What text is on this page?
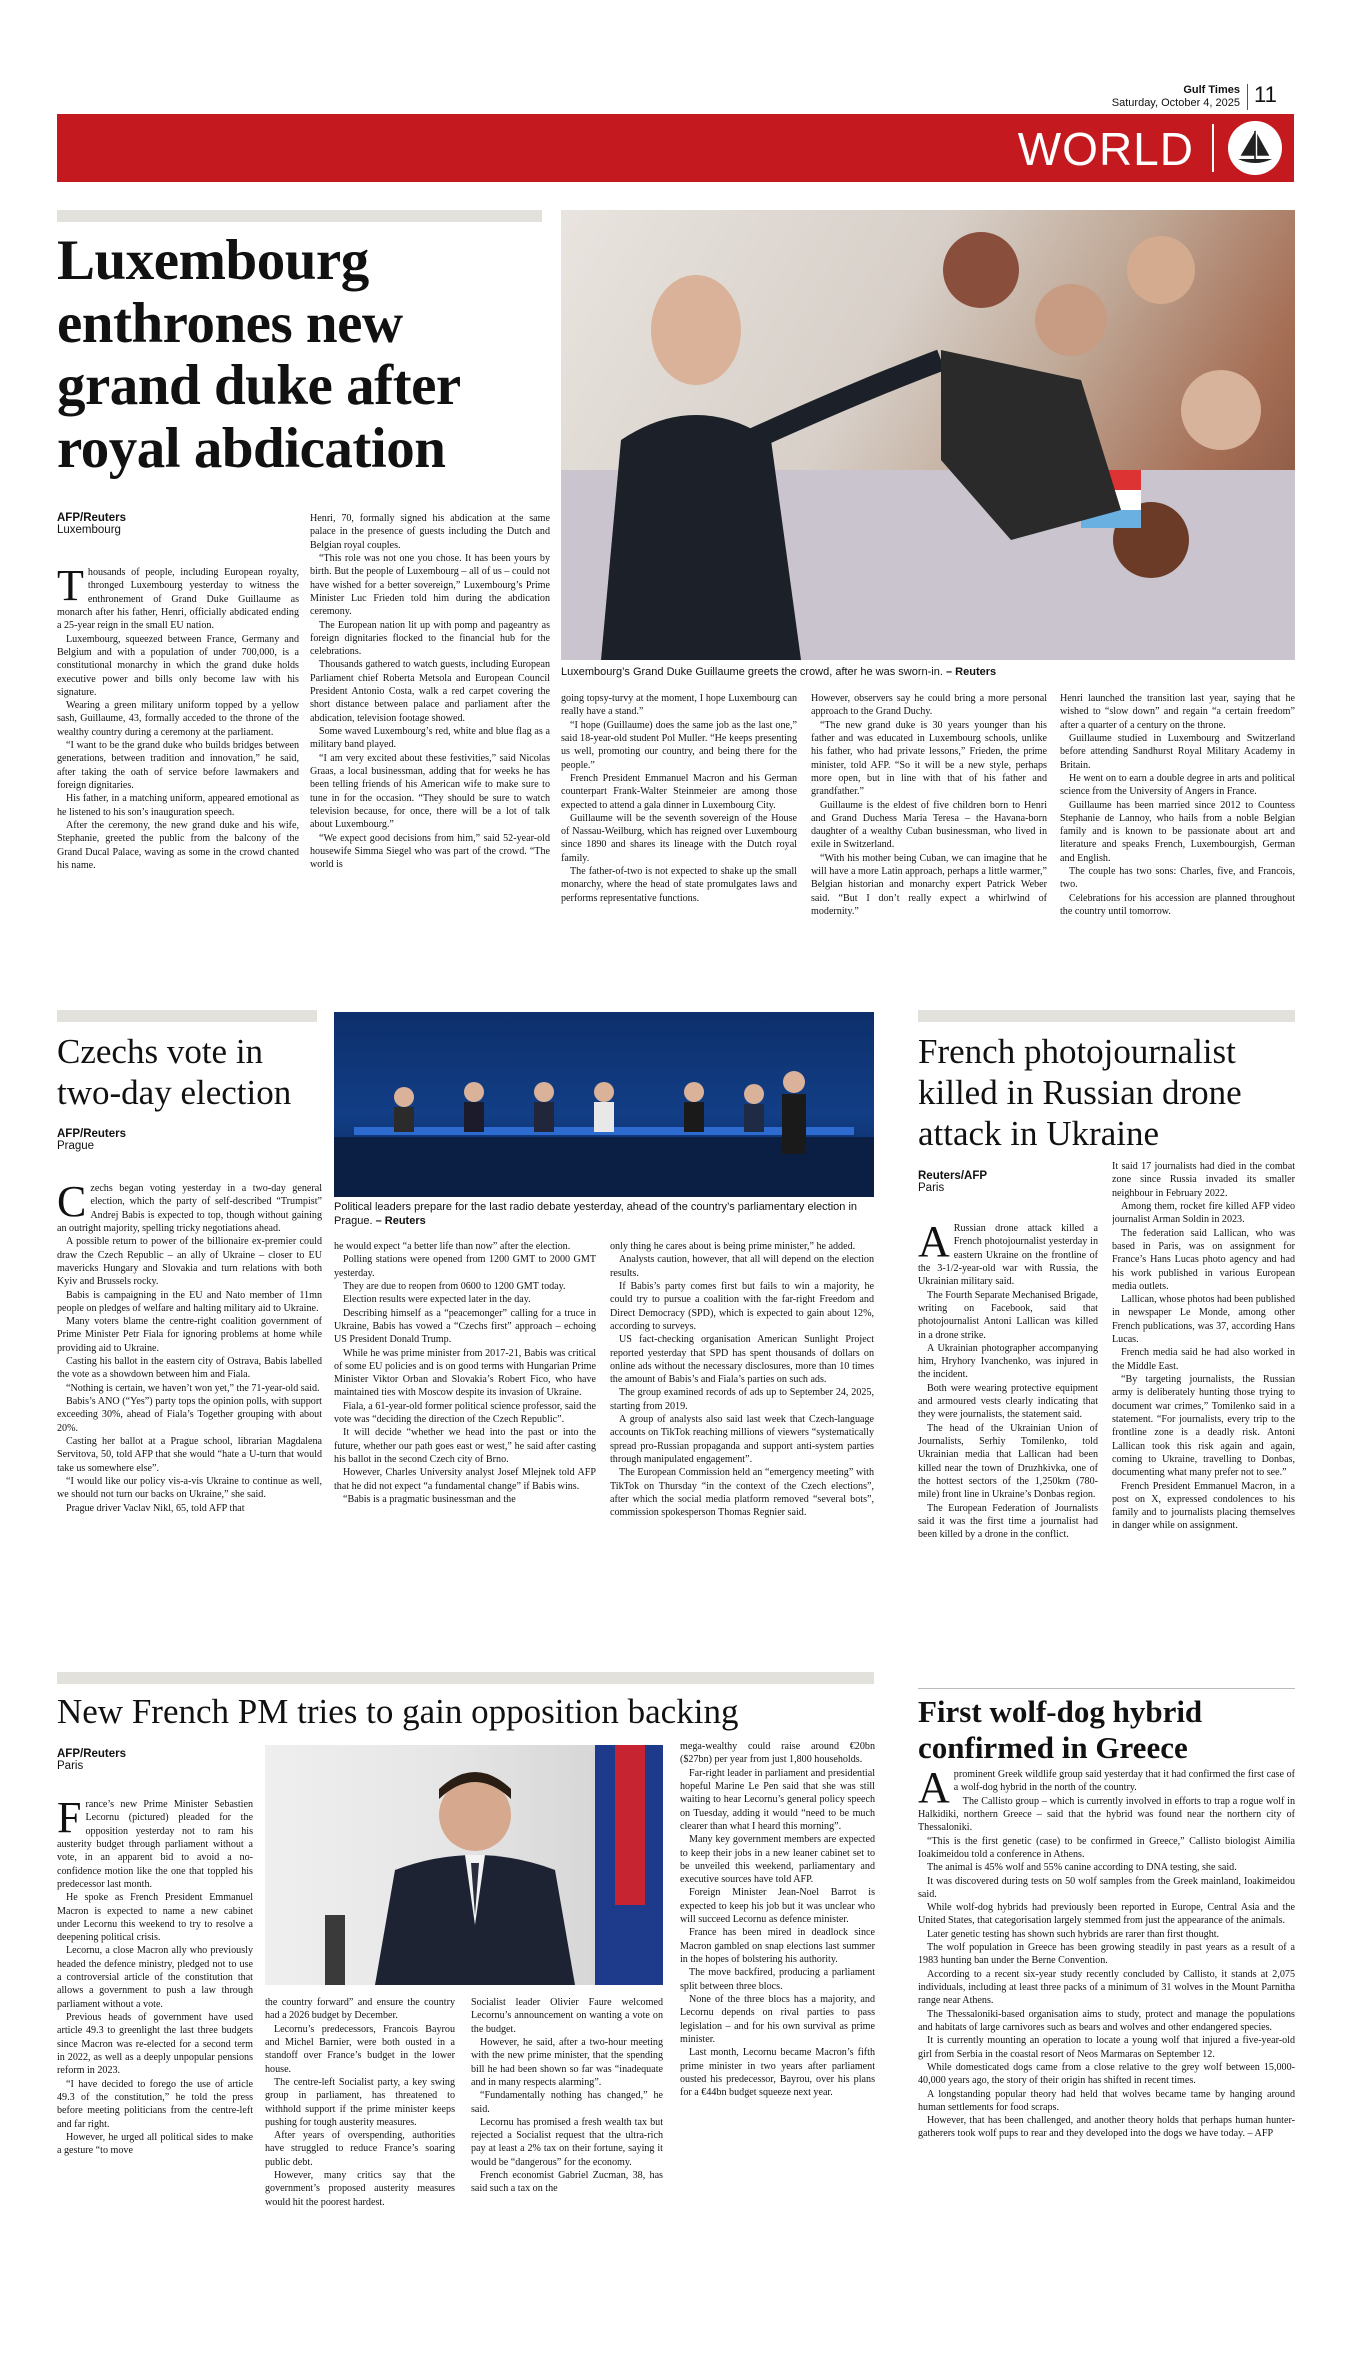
Gulf Times
Saturday, October 4, 2025 11
WORLD
Luxembourg enthrones new grand duke after royal abdication
AFP/Reuters
Luxembourg
Luxembourg’s Grand Duke Guillaume greets the crowd, after he was sworn-in. – Reuters

Thousands of people, including European royalty, thronged Luxembourg yesterday to witness the enthronement of Grand Duke Guillaume as monarch after his father, Henri, officially abdicated ending a 25-year reign in the small EU nation.

Luxembourg, squeezed between France, Germany and Belgium and with a population of under 700,000, is a constitutional monarchy in which the grand duke holds executive power and bills only become law with his signature.

Wearing a green military uniform topped by a yellow sash, Guillaume, 43, formally acceded to the throne of the wealthy country during a ceremony at the parliament.

“I want to be the grand duke who builds bridges between generations, between tradition and innovation,” he said, after taking the oath of service before lawmakers and foreign dignitaries.

His father, in a matching uniform, appeared emotional as he listened to his son’s inauguration speech.

After the ceremony, the new grand duke and his wife, Stephanie, greeted the public from the balcony of the Grand Ducal Palace, waving as some in the crowd chanted his name.

Henri, 70, formally signed his abdication at the same palace in the presence of guests including the Dutch and Belgian royal couples.

“This role was not one you chose. It has been yours by birth. But the people of Luxembourg – all of us – could not have wished for a better sovereign,” Luxembourg’s Prime Minister Luc Frieden told him during the abdication ceremony.

The European nation lit up with pomp and pageantry as foreign dignitaries flocked to the financial hub for the celebrations.

Thousands gathered to watch guests, including European Parliament chief Roberta Metsola and European Council President Antonio Costa, walk a red carpet covering the short distance between palace and parliament after the abdication, television footage showed.

Some waved Luxembourg’s red, white and blue flag as a military band played.

“I am very excited about these festivities,” said Nicolas Graas, a local businessman, adding that for weeks he has been telling friends of his American wife to make sure to tune in for the occasion. “They should be sure to watch television because, for once, there will be a lot of talk about Luxembourg.”

“We expect good decisions from him,” said 52-year-old housewife Simma Siegel who was part of the crowd. “The world is

going topsy-turvy at the moment, I hope Luxembourg can really have a stand.”

“I hope (Guillaume) does the same job as the last one,” said 18-year-old student Pol Muller. “He keeps presenting us well, promoting our country, and being there for the people.”

French President Emmanuel Macron and his German counterpart Frank-Walter Steinmeier are among those expected to attend a gala dinner in Luxembourg City.

Guillaume will be the seventh sovereign of the House of Nassau-Weilburg, which has reigned over Luxembourg since 1890 and shares its lineage with the Dutch royal family.

The father-of-two is not expected to shake up the small monarchy, where the head of state promulgates laws and performs representative functions.

However, observers say he could bring a more personal approach to the Grand Duchy.

“The new grand duke is 30 years younger than his father and was educated in Luxembourg schools, unlike his father, who had private lessons,” Frieden, the prime minister, told AFP. “So it will be a new style, perhaps more open, but in line with that of his father and grandfather.”

Guillaume is the eldest of five children born to Henri and Grand Duchess Maria Teresa – the Havana-born daughter of a wealthy Cuban businessman, who lived in exile in Switzerland.

“With his mother being Cuban, we can imagine that he will have a more Latin approach, perhaps a little warmer,” Belgian historian and monarchy expert Patrick Weber said. “But I don’t really expect a whirlwind of modernity.”

Henri launched the transition last year, saying that he wished to “slow down” and regain “a certain freedom” after a quarter of a century on the throne.

Guillaume studied in Luxembourg and Switzerland before attending Sandhurst Royal Military Academy in Britain.

He went on to earn a double degree in arts and political science from the University of Angers in France.

Guillaume has been married since 2012 to Countess Stephanie de Lannoy, who hails from a noble Belgian family and is known to be passionate about art and literature and speaks French, Luxembourgish, German and English.

The couple has two sons: Charles, five, and Francois, two.

Celebrations for his accession are planned throughout the country until tomorrow.

Czechs vote in two-day election
AFP/Reuters
Prague
Political leaders prepare for the last radio debate yesterday, ahead of the country’s parliamentary election in Prague. – Reuters

Czechs began voting yesterday in a two-day general election, which the party of self-described “Trumpist” Andrej Babis is expected to top, though without gaining an outright majority, spelling tricky negotiations ahead.

A possible return to power of the billionaire ex-premier could draw the Czech Republic – an ally of Ukraine – closer to EU mavericks Hungary and Slovakia and turn relations with both Kyiv and Brussels rocky.

Babis is campaigning in the EU and Nato member of 11mn people on pledges of welfare and halting military aid to Ukraine.

Many voters blame the centre-right coalition government of Prime Minister Petr Fiala for ignoring problems at home while providing aid to Ukraine.

Casting his ballot in the eastern city of Ostrava, Babis labelled the vote as a showdown between him and Fiala.

“Nothing is certain, we haven’t won yet,” the 71-year-old said.

Babis’s ANO (“Yes”) party tops the opinion polls, with support exceeding 30%, ahead of Fiala’s Together grouping with about 20%.

Casting her ballot at a Prague school, librarian Magdalena Servitova, 50, told AFP that she would “hate a U-turn that would take us somewhere else”.

“I would like our policy vis-a-vis Ukraine to continue as well, we should not turn our backs on Ukraine,” she said.

Prague driver Vaclav Nikl, 65, told AFP that

he would expect “a better life than now” after the election.

Polling stations were opened from 1200 GMT to 2000 GMT yesterday.

They are due to reopen from 0600 to 1200 GMT today.

Election results were expected later in the day.

Describing himself as a “peacemonger” calling for a truce in Ukraine, Babis has vowed a “Czechs first” approach – echoing US President Donald Trump.

While he was prime minister from 2017-21, Babis was critical of some EU policies and is on good terms with Hungarian Prime Minister Viktor Orban and Slovakia’s Robert Fico, who have maintained ties with Moscow despite its invasion of Ukraine.

Fiala, a 61-year-old former political science professor, said the vote was “deciding the direction of the Czech Republic”.

It will decide “whether we head into the past or into the future, whether our path goes east or west,” he said after casting his ballot in the second Czech city of Brno.

However, Charles University analyst Josef Mlejnek told AFP that he did not expect “a fundamental change” if Babis wins.

“Babis is a pragmatic businessman and the

only thing he cares about is being prime minister,” he added.

Analysts caution, however, that all will depend on the election results.

If Babis’s party comes first but fails to win a majority, he could try to pursue a coalition with the far-right Freedom and Direct Democracy (SPD), which is expected to gain about 12%, according to surveys.

US fact-checking organisation American Sunlight Project reported yesterday that SPD has spent thousands of dollars on online ads without the necessary disclosures, more than 10 times the amount of Babis’s and Fiala’s parties on such ads.

The group examined records of ads up to September 24, 2025, starting from 2019.

A group of analysts also said last week that Czech-language accounts on TikTok reaching millions of viewers “systematically spread pro-Russian propaganda and support anti-system parties through manipulated engagement”.

The European Commission held an “emergency meeting” with TikTok on Thursday “in the context of the Czech elections”, after which the social media platform removed “several bots”, commission spokesperson Thomas Regnier said.

French photojournalist killed in Russian drone attack in Ukraine
Reuters/AFP
Paris

A Russian drone attack killed a French photojournalist yesterday in eastern Ukraine on the frontline of the 3-1/2-year-old war with Russia, the Ukrainian military said.

The Fourth Separate Mechanised Brigade, writing on Facebook, said that photojournalist Antoni Lallican was killed in a drone strike.

A Ukrainian photographer accompanying him, Hryhory Ivanchenko, was injured in the incident.

Both were wearing protective equipment and armoured vests clearly indicating that they were journalists, the statement said.

The head of the Ukrainian Union of Journalists, Serhiy Tomilenko, told Ukrainian media that Lallican had been killed near the town of Druzhkivka, one of the hottest sectors of the 1,250km (780-mile) front line in Ukraine’s Donbas region.

The European Federation of Journalists said it was the first time a journalist had been killed by a drone in the conflict.

It said 17 journalists had died in the combat zone since Russia invaded its smaller neighbour in February 2022.

Among them, rocket fire killed AFP video journalist Arman Soldin in 2023.

The federation said Lallican, who was based in Paris, was on assignment for France’s Hans Lucas photo agency and had his work published in various European media outlets.

Lallican, whose photos had been published in newspaper Le Monde, among other French publications, was 37, according Hans Lucas.

French media said he had also worked in the Middle East.

“By targeting journalists, the Russian army is deliberately hunting those trying to document war crimes,” Tomilenko said in a statement. “For journalists, every trip to the frontline zone is a deadly risk. Antoni Lallican took this risk again and again, coming to Ukraine, travelling to Donbas, documenting what many prefer not to see.”

French President Emmanuel Macron, in a post on X, expressed condolences to his family and to journalists placing themselves in danger while on assignment.

New French PM tries to gain opposition backing
AFP/Reuters
Paris

France’s new Prime Minister Sebastien Lecornu (pictured) pleaded for the opposition yesterday not to ram his austerity budget through parliament without a vote, in an apparent bid to avoid a no-confidence motion like the one that toppled his predecessor last month.

He spoke as French President Emmanuel Macron is expected to name a new cabinet under Lecornu this weekend to try to resolve a deepening political crisis.

Lecornu, a close Macron ally who previously headed the defence ministry, pledged not to use a controversial article of the constitution that allows a government to push a law through parliament without a vote.

Previous heads of government have used article 49.3 to greenlight the last three budgets since Macron was re-elected for a second term in 2022, as well as a deeply unpopular pensions reform in 2023.

“I have decided to forego the use of article 49.3 of the constitution,” he told the press before meeting politicians from the centre-left and far right.

However, he urged all political sides to make a gesture “to move

the country forward” and ensure the country had a 2026 budget by December.

Lecornu’s predecessors, Francois Bayrou and Michel Barnier, were both ousted in a standoff over France’s budget in the lower house.

The centre-left Socialist party, a key swing group in parliament, has threatened to withhold support if the prime minister keeps pushing for tough austerity measures.

After years of overspending, authorities have struggled to reduce France’s soaring public debt.

However, many critics say that the government’s proposed austerity measures would hit the poorest hardest.

Socialist leader Olivier Faure welcomed Lecornu’s announcement on wanting a vote on the budget.

However, he said, after a two-hour meeting with the new prime minister, that the spending bill he had been shown so far was “inadequate and in many respects alarming”.

“Fundamentally nothing has changed,” he said.

Lecornu has promised a fresh wealth tax but rejected a Socialist request that the ultra-rich pay at least a 2% tax on their fortune, saying it would be “dangerous” for the economy.

French economist Gabriel Zucman, 38, has said such a tax on the

mega-wealthy could raise around €20bn ($27bn) per year from just 1,800 households.

Far-right leader in parliament and presidential hopeful Marine Le Pen said that she was still waiting to hear Lecornu’s general policy speech on Tuesday, adding it would “need to be much clearer than what I heard this morning”.

Many key government members are expected to keep their jobs in a new leaner cabinet set to be unveiled this weekend, parliamentary and executive sources have told AFP.

Foreign Minister Jean-Noel Barrot is expected to keep his job but it was unclear who will succeed Lecornu as defence minister.

France has been mired in deadlock since Macron gambled on snap elections last summer in the hopes of bolstering his authority.

The move backfired, producing a parliament split between three blocs.

None of the three blocs has a majority, and Lecornu depends on rival parties to pass legislation – and for his own survival as prime minister.

Last month, Lecornu became Macron’s fifth prime minister in two years after parliament ousted his predecessor, Bayrou, over his plans for a €44bn budget squeeze next year.

First wolf-dog hybrid confirmed in Greece

A prominent Greek wildlife group said yesterday that it had confirmed the first case of a wolf-dog hybrid in the north of the country.

The Callisto group – which is currently involved in efforts to trap a rogue wolf in Halkidiki, northern Greece – said that the hybrid was found near the northern city of Thessaloniki.

“This is the first genetic (case) to be confirmed in Greece,” Callisto biologist Aimilia Ioakimeidou told a conference in Athens.

The animal is 45% wolf and 55% canine according to DNA testing, she said.

It was discovered during tests on 50 wolf samples from the Greek mainland, Ioakimeidou said.

While wolf-dog hybrids had previously been reported in Europe, Central Asia and the United States, that categorisation largely stemmed from just the appearance of the animals.

Later genetic testing has shown such hybrids are rarer than first thought.

The wolf population in Greece has been growing steadily in past years as a result of a 1983 hunting ban under the Berne Convention.

According to a recent six-year study recently concluded by Callisto, it stands at 2,075 individuals, including at least three packs of a minimum of 31 wolves in the Mount Parnitha range near Athens.

The Thessaloniki-based organisation aims to study, protect and manage the populations and habitats of large carnivores such as bears and wolves and other endangered species.

It is currently mounting an operation to locate a young wolf that injured a five-year-old girl from Serbia in the coastal resort of Neos Marmaras on September 12.

While domesticated dogs came from a close relative to the grey wolf between 15,000-40,000 years ago, the story of their origin has shifted in recent times.

A longstanding popular theory had held that wolves became tame by hanging around human settlements for food scraps.

However, that has been challenged, and another theory holds that perhaps human hunter-gatherers took wolf pups to rear and they developed into the dogs we have today. – AFP
